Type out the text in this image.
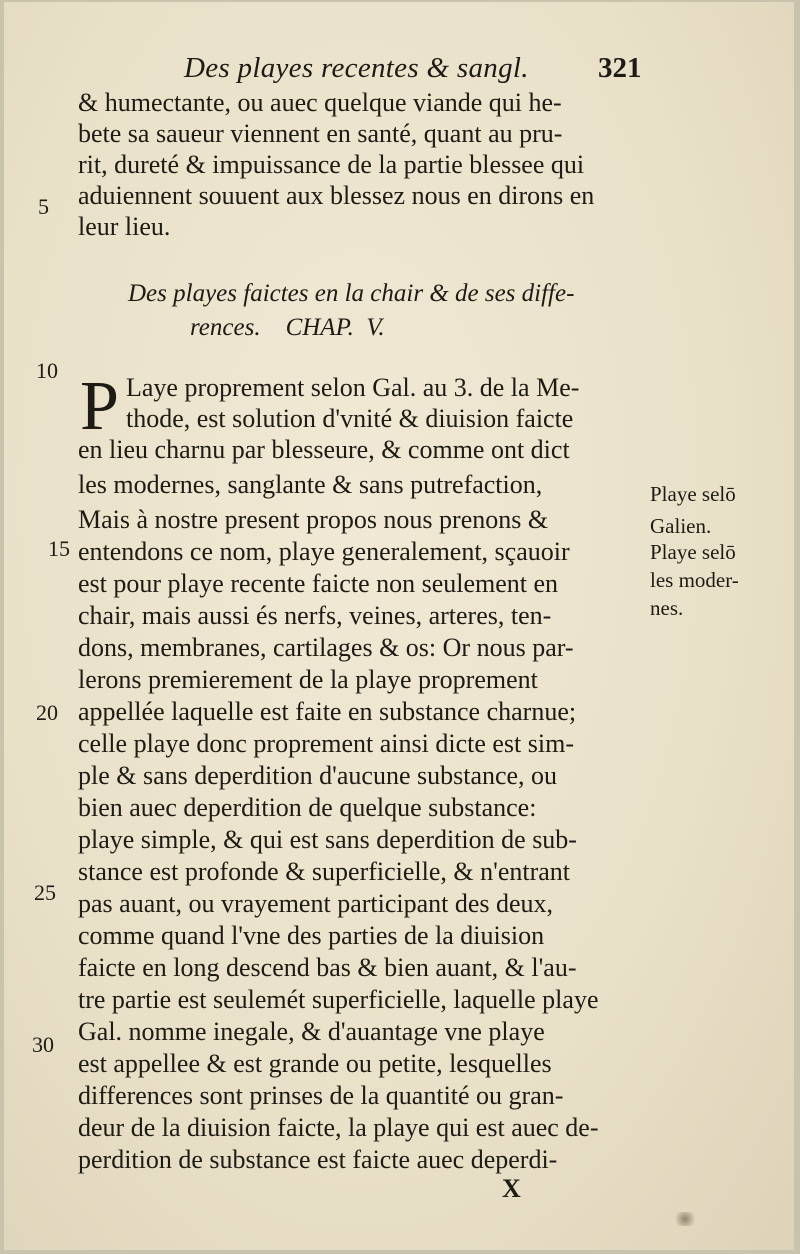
Des playes recentes & sangl. 321
& humectante, ou auec quelque viande qui he-
bete sa saueur viennent en santé, quant au pru-
rit, dureté & impuissance de la partie blessee qui
aduiennent souuent aux blessez nous en dirons en
leur lieu.
Des playes faictes en la chair & de ses diffe-
rences.    CHAP.  V.
P Laye proprement selon Gal. au 3. de la Me-
thode, est solution d'vnité & diuision faicte
en lieu charnu par blesseure, & comme ont dict
les modernes, sanglante & sans putrefaction,
Mais à nostre present propos nous prenons &
entendons ce nom, playe generalement, sçauoir
est pour playe recente faicte non seulement en
chair, mais aussi és nerfs, veines, arteres, ten-
dons, membranes, cartilages & os: Or nous par-
lerons premierement de la playe proprement
appellée laquelle est faite en substance charnue;
celle playe donc proprement ainsi dicte est sim-
ple & sans deperdition d'aucune substance, ou
bien auec deperdition de quelque substance:
playe simple, & qui est sans deperdition de sub-
stance est profonde & superficielle, & n'entrant
pas auant, ou vrayement participant des deux,
comme quand l'vne des parties de la diuision
faicte en long descend bas & bien auant, & l'au-
tre partie est seulemét superficielle, laquelle playe
Gal. nomme inegale, & d'auantage vne playe
est appellee & est grande ou petite, lesquelles
differences sont prinses de la quantité ou gran-
deur de la diuision faicte, la playe qui est auec de-
perdition de substance est faicte auec deperdi-
5
10
15
20
25
30
Playe selō
Galien.
Playe selō
les moder-
nes.
X
